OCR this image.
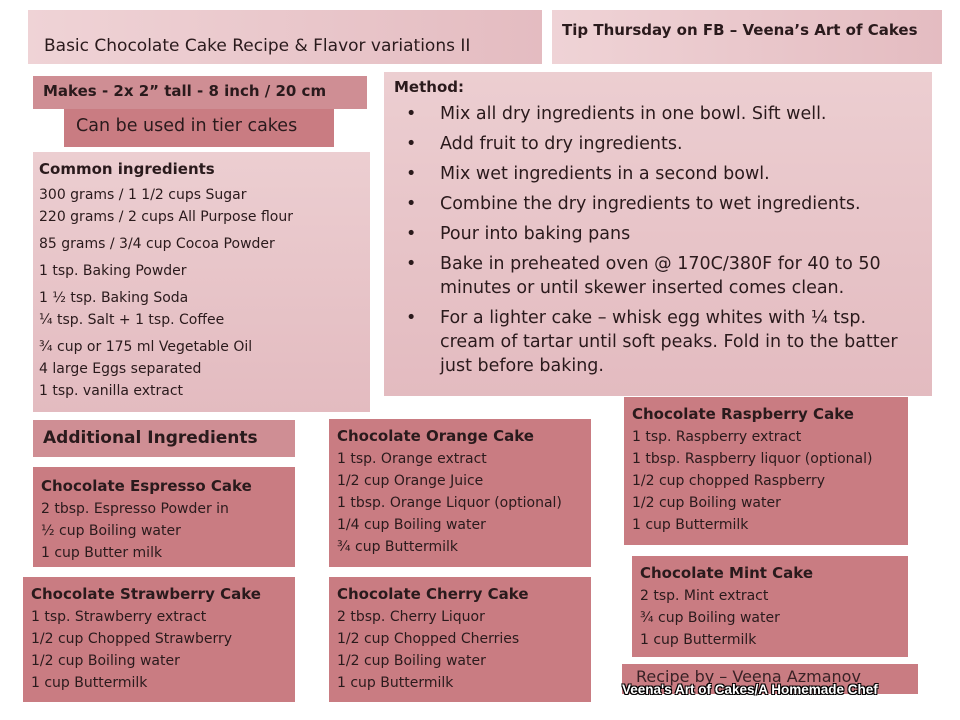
Basic Chocolate Cake Recipe & Flavor variations II
Tip Thursday on FB – Veena’s Art of Cakes
Makes - 2x 2” tall - 8 inch / 20 cm
Can be used in tier cakes
Common ingredients
300 grams / 1 1/2 cups Sugar
220 grams / 2 cups All Purpose flour
85 grams / 3/4 cup Cocoa Powder
1 tsp. Baking Powder
1 ½ tsp. Baking Soda
¼ tsp. Salt + 1 tsp. Coffee
¾ cup or 175 ml Vegetable Oil
4 large Eggs separated
1 tsp. vanilla extract
Method:
• Mix all dry ingredients in one bowl. Sift well.
• Add fruit to dry ingredients.
• Mix wet ingredients in a second bowl.
• Combine the dry ingredients to wet ingredients.
• Pour into baking pans
• Bake in preheated oven @ 170C/380F for 40 to 50 minutes or until skewer inserted comes clean.
• For a lighter cake – whisk egg whites with ¼ tsp. cream of tartar until soft peaks. Fold in to the batter just before baking.
Additional Ingredients
Chocolate Espresso Cake
2 tbsp. Espresso Powder in
½ cup Boiling water
1 cup Butter milk
Chocolate Strawberry Cake
1 tsp. Strawberry extract
1/2 cup Chopped Strawberry
1/2 cup Boiling water
1 cup Buttermilk
Chocolate Orange Cake
1 tsp. Orange extract
1/2 cup Orange Juice
1 tbsp. Orange Liquor (optional)
1/4 cup Boiling water
¾ cup Buttermilk
Chocolate Cherry Cake
2 tbsp. Cherry Liquor
1/2 cup Chopped Cherries
1/2 cup Boiling water
1 cup Buttermilk
Chocolate Raspberry Cake
1 tsp. Raspberry extract
1 tbsp. Raspberry liquor (optional)
1/2 cup chopped Raspberry
1/2 cup Boiling water
1 cup Buttermilk
Chocolate Mint Cake
2 tsp. Mint extract
¾ cup Boiling water
1 cup Buttermilk
Recipe by – Veena Azmanov
Veena's Art of Cakes/A Homemade Chef
